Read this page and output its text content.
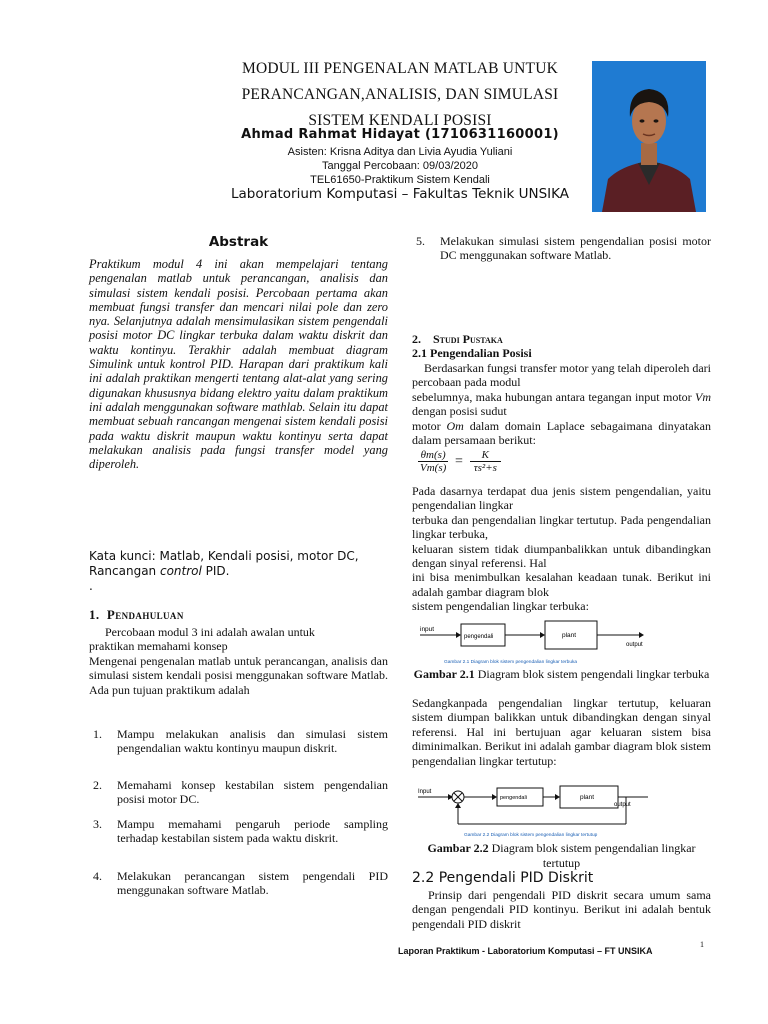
MODUL III PENGENALAN MATLAB UNTUK
PERANCANGAN,ANALISIS, DAN SIMULASI
SISTEM KENDALI POSISI
Ahmad Rahmat Hidayat (1710631160001)
Asisten: Krisna Aditya dan Livia Ayudia Yuliani
Tanggal Percobaan: 09/03/2020
TEL61650-Praktikum Sistem Kendali
Laboratorium Komputasi – Fakultas Teknik UNSIKA
Abstrak
Praktikum modul 4 ini akan mempelajari tentang pengenalan matlab untuk perancangan, analisis dan simulasi sistem kendali posisi. Percobaan pertama akan membuat fungsi transfer dan mencari nilai pole dan zero nya. Selanjutnya adalah mensimulasikan sistem pengendali posisi motor DC lingkar terbuka dalam waktu diskrit dan waktu kontinyu. Terakhir adalah membuat diagram Simulink untuk kontrol PID. Harapan dari praktikum kali ini adalah praktikan mengerti tentang alat-alat yang sering digunakan khususnya bidang elektro yaitu dalam praktikum ini adalah menggunakan software mathlab. Selain itu dapat membuat sebuah rancangan mengenai sistem kendali posisi pada waktu diskrit maupun waktu kontinyu serta dapat melakukan analisis pada fungsi transfer model yang diperoleh.
Kata kunci: Matlab, Kendali posisi, motor DC, Rancangan control PID.
.
1. Pendahuluan
Percobaan modul 3 ini adalah awalan untuk
praktikan memahami konsep
Mengenai pengenalan matlab untuk perancangan, analisis dan simulasi sistem kendali posisi menggunakan software Matlab. Ada pun tujuan praktikum adalah
1. Mampu melakukan analisis dan simulasi sistem pengendalian waktu kontinyu maupun diskrit.
2. Memahami konsep kestabilan sistem pengendalian posisi motor DC.
3. Mampu memahami pengaruh periode sampling terhadap kestabilan sistem pada waktu diskrit.
4. Melakukan perancangan sistem pengendali PID menggunakan software Matlab.
5. Melakukan simulasi sistem pengendalian posisi motor DC menggunakan software Matlab.
2. Studi Pustaka
2.1 Pengendalian Posisi
Berdasarkan fungsi transfer motor yang telah diperoleh dari percobaan pada modul
sebelumnya, maka hubungan antara tegangan input motor Vm dengan posisi sudut
motor Om dalam domain Laplace sebagaimana dinyatakan dalam persamaan berikut:
$\frac{\theta m(s)}{Vm(s)} = \frac{K}{\text{τs²+s}}$
Pada dasarnya terdapat dua jenis sistem pengendalian, yaitu pengendalian lingkar
terbuka dan pengendalian lingkar tertutup. Pada pengendalian lingkar terbuka,
keluaran sistem tidak diumpanbalikkan untuk dibandingkan dengan sinyal referensi. Hal
ini bisa menimbulkan kesalahan keadaan tunak. Berikut ini adalah gambar diagram blok
sistem pengendalian lingkar terbuka:
input
pengendali	plant
output
Gambar 2.1 Diagram blok sistem pengendalian lingkar terbuka
Gambar 2.1 Diagram blok sistem pengendali lingkar terbuka
Sedangkanpada pengendalian lingkar tertutup, keluaran sistem diumpan balikkan untuk dibandingkan dengan sinyal referensi. Hal ini bertujuan agar keluaran sistem bisa diminimalkan. Berikut ini adalah gambar diagram blok sistem pengendalian lingkar tertutup:
Input
pengendali	plant
output
Gambar 2.2 Diagram blok sistem pengendalian lingkar tertutup
Gambar 2.2 Diagram blok sistem pengendalian lingkar tertutup
2.2 Pengendali PID Diskrit
Prinsip dari pengendali PID diskrit secara umum sama dengan pengendali PID kontinyu. Berikut ini adalah bentuk pengendali PID diskrit
Laporan Praktikum - Laboratorium Komputasi – FT UNSIKA
1
